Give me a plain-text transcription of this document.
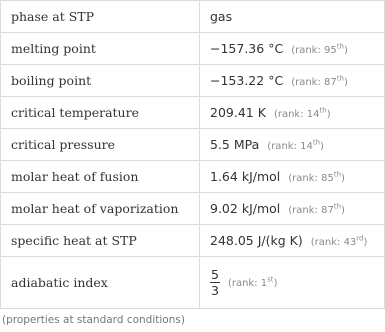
phase at STP	gas
melting point	−157.36 °C (rank: 95th)
boiling point	−153.22 °C (rank: 87th)
critical temperature	209.41 K (rank: 14th)
critical pressure	5.5 MPa (rank: 14th)
molar heat of fusion	1.64 kJ/mol (rank: 85th)
molar heat of vaporization	9.02 kJ/mol (rank: 87th)
specific heat at STP	248.05 J/(kg K) (rank: 43rd)
adiabatic index	$\frac{5}{3}$ (rank: 1st)
(properties at standard conditions)
